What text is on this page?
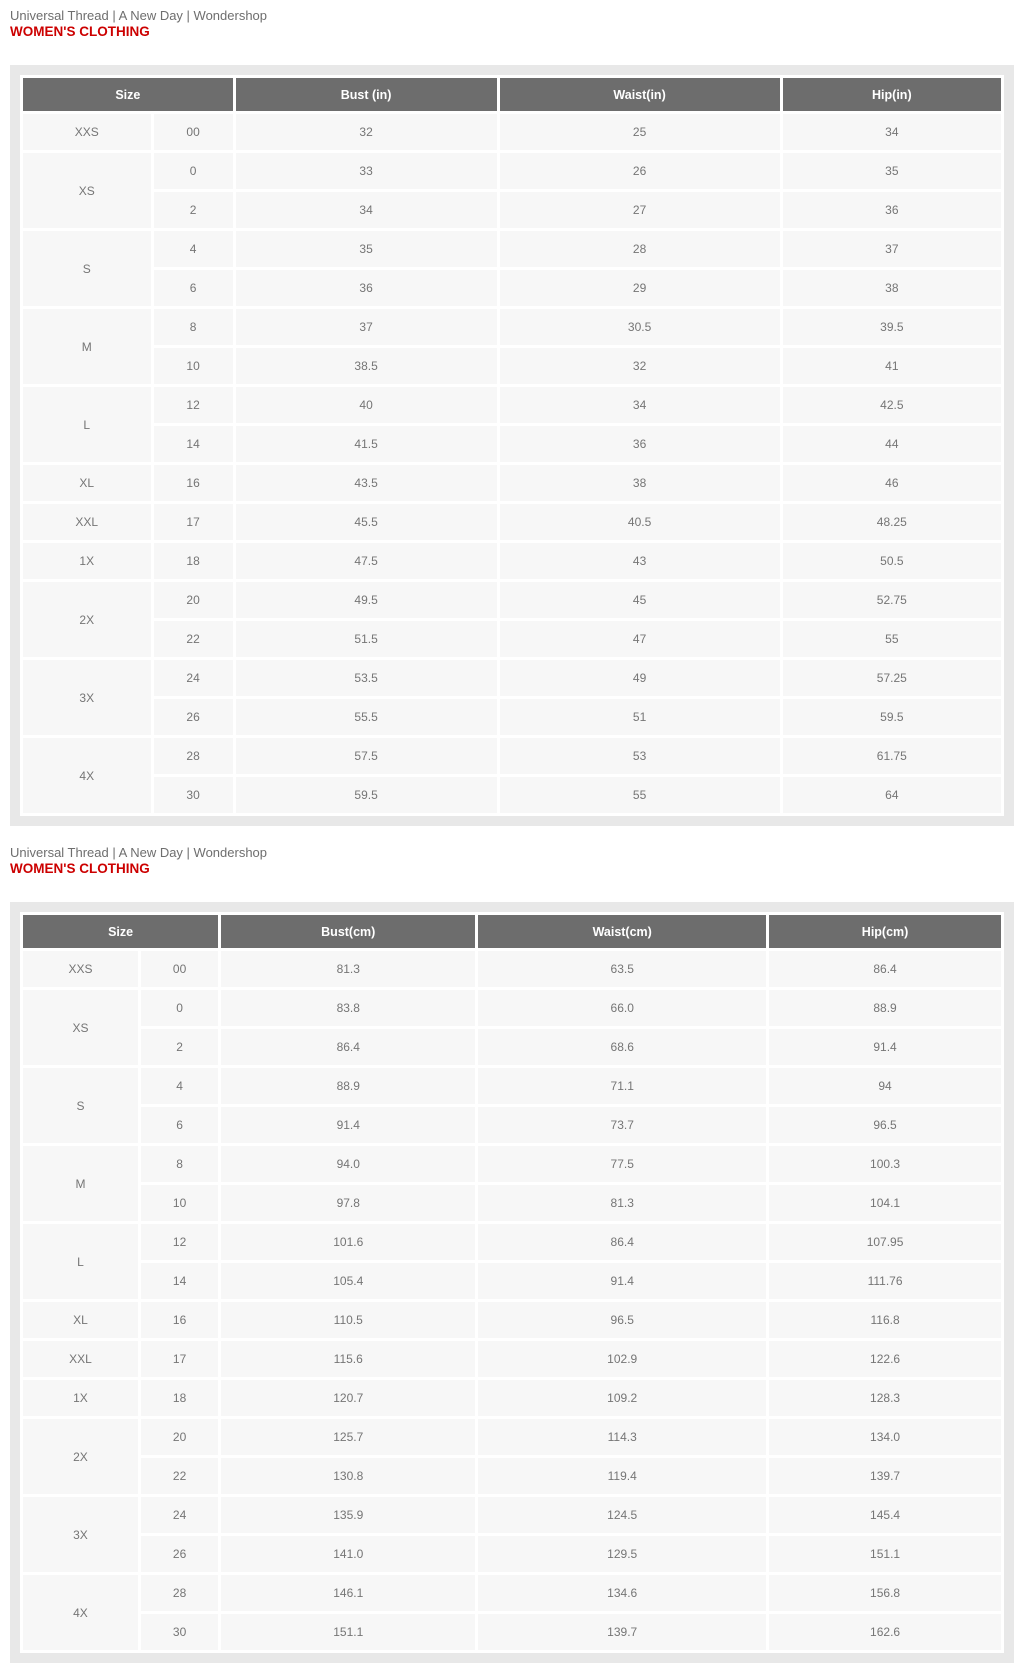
Universal Thread | A New Day | Wondershop
WOMEN'S CLOTHING
Size		Bust (in)	Waist(in)	Hip(in)
XXS	00	32	25	34
XS	0	33	26	35
	2	34	27	36
S	4	35	28	37
	6	36	29	38
M	8	37	30.5	39.5
	10	38.5	32	41
L	12	40	34	42.5
	14	41.5	36	44
XL	16	43.5	38	46
XXL	17	45.5	40.5	48.25
1X	18	47.5	43	50.5
2X	20	49.5	45	52.75
	22	51.5	47	55
3X	24	53.5	49	57.25
	26	55.5	51	59.5
4X	28	57.5	53	61.75
	30	59.5	55	64
Universal Thread | A New Day | Wondershop
WOMEN'S CLOTHING
Size		Bust(cm)	Waist(cm)	Hip(cm)
XXS	00	81.3	63.5	86.4
XS	0	83.8	66.0	88.9
	2	86.4	68.6	91.4
S	4	88.9	71.1	94
	6	91.4	73.7	96.5
M	8	94.0	77.5	100.3
	10	97.8	81.3	104.1
L	12	101.6	86.4	107.95
	14	105.4	91.4	111.76
XL	16	110.5	96.5	116.8
XXL	17	115.6	102.9	122.6
1X	18	120.7	109.2	128.3
2X	20	125.7	114.3	134.0
	22	130.8	119.4	139.7
3X	24	135.9	124.5	145.4
	26	141.0	129.5	151.1
4X	28	146.1	134.6	156.8
	30	151.1	139.7	162.6
